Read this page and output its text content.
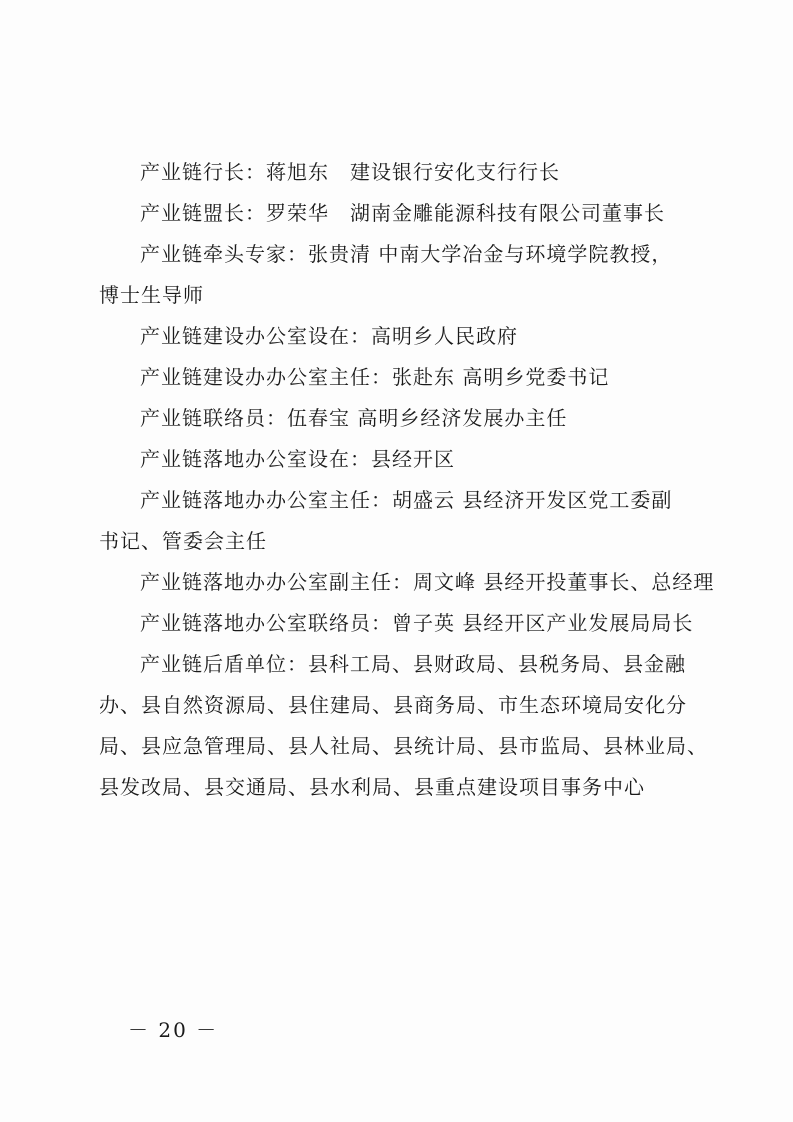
产业链行长：蒋旭东　建设银行安化支行行长
产业链盟长：罗荣华　湖南金雕能源科技有限公司董事长
产业链牵头专家：张贵清 中南大学冶金与环境学院教授，
博士生导师
产业链建设办公室设在：高明乡人民政府
产业链建设办办公室主任：张赴东 高明乡党委书记
产业链联络员：伍春宝 高明乡经济发展办主任
产业链落地办公室设在：县经开区
产业链落地办办公室主任：胡盛云 县经济开发区党工委副
书记、管委会主任
产业链落地办办公室副主任：周文峰 县经开投董事长、总经理
产业链落地办公室联络员：曾子英 县经开区产业发展局局长
产业链后盾单位：县科工局、县财政局、县税务局、县金融
办、县自然资源局、县住建局、县商务局、市生态环境局安化分
局、县应急管理局、县人社局、县统计局、县市监局、县林业局、
县发改局、县交通局、县水利局、县重点建设项目事务中心
－ 20 －
